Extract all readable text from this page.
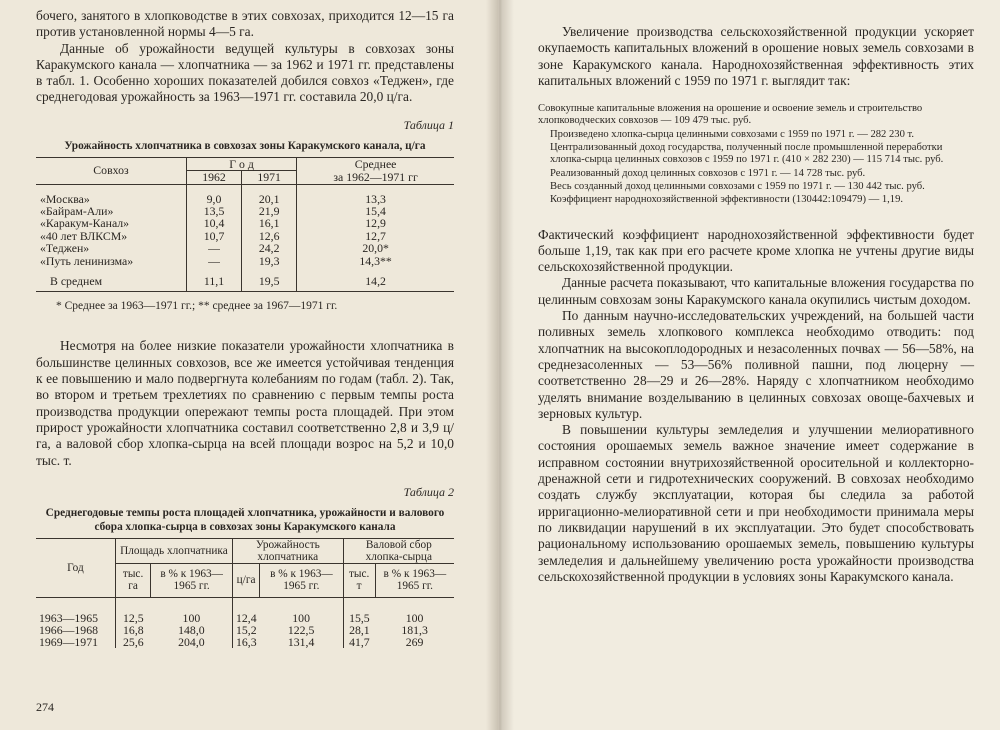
бочего, занятого в хлопководстве в этих совхозах, приходится 12—15 га против установленной нормы 4—5 га.

Данные об урожайности ведущей культуры в совхозах зоны Каракумского канала — хлопчатника — за 1962 и 1971 гг. представлены в табл. 1. Особенно хороших показателей добился совхоз «Теджен», где среднегодовая урожайность за 1963—1971 гг. составила 20,0 ц/га.

Таблица 1
Урожайность хлопчатника в совхозах зоны Каракумского канала, ц/га
Совхоз	Г о д		Среднее
	1962	1971	за 1962—1971 гг
«Москва»	9,0	20,1	13,3
«Байрам-Али»	13,5	21,9	15,4
«Каракум-Канал»	10,4	16,1	12,9
«40 лет ВЛКСМ»	10,7	12,6	12,7
«Теджен»	—	24,2	20,0*
«Путь ленинизма»	—	19,3	14,3**
В среднем	11,1	19,5	14,2
* Среднее за 1963—1971 гг.; ** среднее за 1967—1971 гг.

Несмотря на более низкие показатели урожайности хлопчатника в большинстве целинных совхозов, все же имеется устойчивая тенденция к ее повышению и мало подвергнута колебаниям по годам (табл. 2). Так, во втором и третьем трехлетиях по сравнению с первым темпы роста производства продукции опережают темпы роста площадей. При этом прирост урожайности хлопчатника составил соответственно 2,8 и 3,9 ц/га, а валовой сбор хлопка-сырца на всей площади возрос на 5,2 и 10,0 тыс. т.

Таблица 2
Среднегодовые темпы роста площадей хлопчатника, урожайности и валового сбора хлопка-сырца в совхозах зоны Каракумского канала
Год	Площадь хлопчатника		Урожайность хлопчатника		Валовой сбор хлопка-сырца	
	тыс. га	в % к 1963— 1965 гг.	ц/га	в % к 1963— 1965 гг.	тыс. т	в % к 1963— 1965 гг.
1963—1965	12,5	100	12,4	100	15,5	100
1966—1968	16,8	148,0	15,2	122,5	28,1	181,3
1969—1971	25,6	204,0	16,3	131,4	41,7	269
274

Увеличение производства сельскохозяйственной продукции ускоряет окупаемость капитальных вложений в орошение новых земель совхозами в зоне Каракумского канала. Народнохозяйственная эффективность этих капитальных вложений с 1959 по 1971 г. выглядит так:

Совокупные капитальные вложения на орошение и освоение земель и строительство хлопководческих совхозов — 109 479 тыс. руб.
Произведено хлопка-сырца целинными совхозами с 1959 по 1971 г. — 282 230 т.
Централизованный доход государства, полученный после промышленной переработки хлопка-сырца целинных совхозов с 1959 по 1971 г. (410 × 282 230) — 115 714 тыс. руб.
Реализованный доход целинных совхозов с 1971 г. — 14 728 тыс. руб.
Весь созданный доход целинными совхозами с 1959 по 1971 г. — 130 442 тыс. руб.
Коэффициент народнохозяйственной эффективности (130442:109479) — 1,19.

Фактический коэффициент народнохозяйственной эффективности будет больше 1,19, так как при его расчете кроме хлопка не учтены другие виды сельскохозяйственной продукции.

Данные расчета показывают, что капитальные вложения государства по целинным совхозам зоны Каракумского канала окупились чистым доходом.

По данным научно-исследовательских учреждений, на большей части поливных земель хлопкового комплекса необходимо отводить: под хлопчатник на высокоплодородных и незасоленных почвах — 56—58%, на среднезасоленных — 53—56% поливной пашни, под люцерну — соответственно 28—29 и 26—28%. Наряду с хлопчатником необходимо уделять внимание возделыванию в целинных совхозах овоще-бахчевых и зерновых культур.

В повышении культуры земледелия и улучшении мелиоративного состояния орошаемых земель важное значение имеет содержание в исправном состоянии внутрихозяйственной оросительной и коллекторно-дренажной сети и гидротехнических сооружений. В совхозах необходимо создать службу эксплуатации, которая бы следила за работой ирригационно-мелиоративной сети и при необходимости принимала меры по ликвидации нарушений в их эксплуатации. Это будет способствовать рациональному использованию орошаемых земель, повышению культуры земледелия и дальнейшему увеличению роста урожайности производства сельскохозяйственной продукции в условиях зоны Каракумского канала.
